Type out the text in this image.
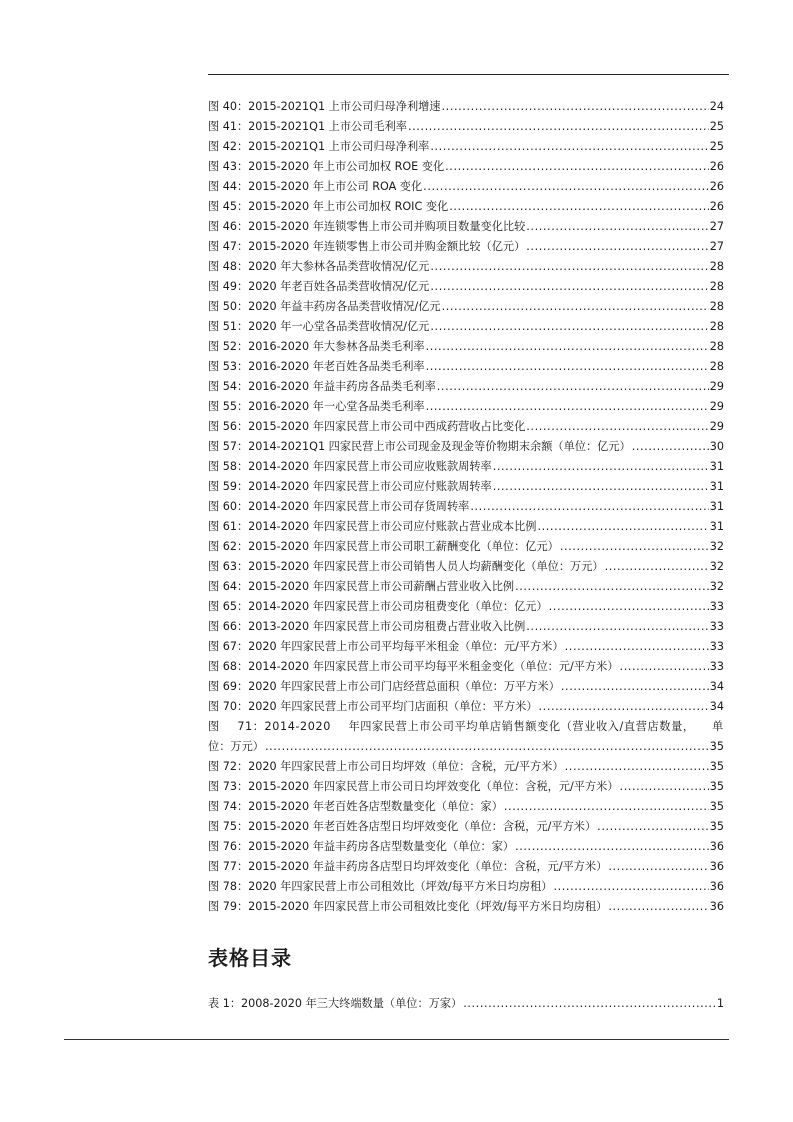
图 40：2015-2021Q1 上市公司归母净利增速 .....	24
图 41：2015-2021Q1 上市公司毛利率 .....	25
图 42：2015-2021Q1 上市公司归母净利率 .....	25
图 43：2015-2020 年上市公司加权 ROE 变化 .....	26
图 44：2015-2020 年上市公司 ROA 变化 .....	26
图 45：2015-2020 年上市公司加权 ROIC 变化 .....	26
图 46：2015-2020 年连锁零售上市公司并购项目数量变化比较 .....	27
图 47：2015-2020 年连锁零售上市公司并购金额比较（亿元） .....	27
图 48：2020 年大参林各品类营收情况/亿元 .....	28
图 49：2020 年老百姓各品类营收情况/亿元 .....	28
图 50：2020 年益丰药房各品类营收情况/亿元 .....	28
图 51：2020 年一心堂各品类营收情况/亿元 .....	28
图 52：2016-2020 年大参林各品类毛利率 .....	28
图 53：2016-2020 年老百姓各品类毛利率 .....	28
图 54：2016-2020 年益丰药房各品类毛利率 .....	29
图 55：2016-2020 年一心堂各品类毛利率 .....	29
图 56：2015-2020 年四家民营上市公司中西成药营收占比变化 .....	29
图 57：2014-2021Q1 四家民营上市公司现金及现金等价物期末余额（单位：亿元） .....	30
图 58：2014-2020 年四家民营上市公司应收账款周转率 .....	31
图 59：2014-2020 年四家民营上市公司应付账款周转率 .....	31
图 60：2014-2020 年四家民营上市公司存货周转率 .....	31
图 61：2014-2020 年四家民营上市公司应付账款占营业成本比例 .....	31
图 62：2015-2020 年四家民营上市公司职工薪酬变化（单位：亿元） .....	32
图 63：2015-2020 年四家民营上市公司销售人员人均薪酬变化（单位：万元） .....	32
图 64：2015-2020 年四家民营上市公司薪酬占营业收入比例 .....	32
图 65：2014-2020 年四家民营上市公司房租费变化（单位：亿元） .....	33
图 66：2013-2020 年四家民营上市公司房租费占营业收入比例 .....	33
图 67：2020 年四家民营上市公司平均每平米租金（单位：元/平方米） .....	33
图 68：2014-2020 年四家民营上市公司平均每平米租金变化（单位：元/平方米） .....	33
图 69：2020 年四家民营上市公司门店经营总面积（单位：万平方米） .....	34
图 70：2020 年四家民营上市公司平均门店面积（单位：平方米） .....	34
图 71：2014-2020 年四家民营上市公司平均单店销售额变化（营业收入/直营店数量， 单
位：万元） .....	35
图 72：2020 年四家民营上市公司日均坪效（单位：含税，元/平方米） .....	35
图 73：2015-2020 年四家民营上市公司日均坪效变化（单位：含税，元/平方米） .....	35
图 74：2015-2020 年老百姓各店型数量变化（单位：家） .....	35
图 75：2015-2020 年老百姓各店型日均坪效变化（单位：含税，元/平方米） .....	35
图 76：2015-2020 年益丰药房各店型数量变化（单位：家） .....	36
图 77：2015-2020 年益丰药房各店型日均坪效变化（单位：含税，元/平方米） .....	36
图 78：2020 年四家民营上市公司租效比（坪效/每平方米日均房租） .....	36
图 79：2015-2020 年四家民营上市公司租效比变化（坪效/每平方米日均房租） .....	36
表格目录
表 1：2008-2020 年三大终端数量（单位：万家） .....	1
